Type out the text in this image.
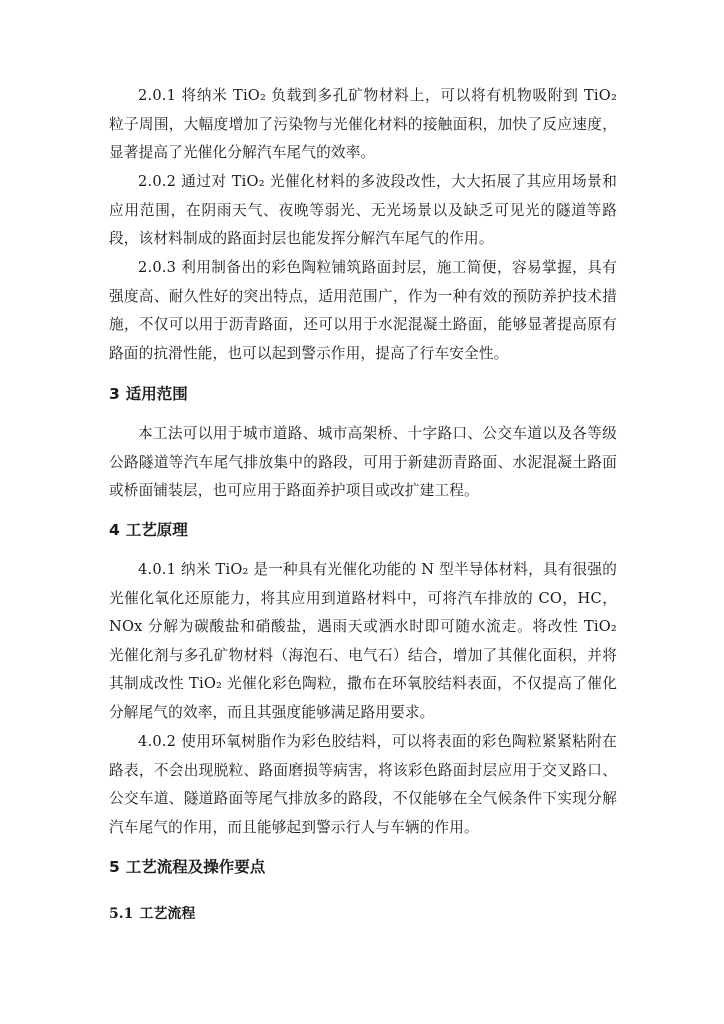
2.0.1 将纳米 TiO₂ 负载到多孔矿物材料上，可以将有机物吸附到 TiO₂ 粒子周围，大幅度增加了污染物与光催化材料的接触面积，加快了反应速度，显著提高了光催化分解汽车尾气的效率。

2.0.2 通过对 TiO₂ 光催化材料的多波段改性，大大拓展了其应用场景和应用范围，在阴雨天气、夜晚等弱光、无光场景以及缺乏可见光的隧道等路段，该材料制成的路面封层也能发挥分解汽车尾气的作用。

2.0.3 利用制备出的彩色陶粒铺筑路面封层，施工简便，容易掌握，具有强度高、耐久性好的突出特点，适用范围广，作为一种有效的预防养护技术措施，不仅可以用于沥青路面，还可以用于水泥混凝土路面，能够显著提高原有路面的抗滑性能，也可以起到警示作用，提高了行车安全性。

3 适用范围

本工法可以用于城市道路、城市高架桥、十字路口、公交车道以及各等级公路隧道等汽车尾气排放集中的路段，可用于新建沥青路面、水泥混凝土路面或桥面铺装层，也可应用于路面养护项目或改扩建工程。

4 工艺原理

4.0.1 纳米 TiO₂ 是一种具有光催化功能的 N 型半导体材料，具有很强的光催化氧化还原能力，将其应用到道路材料中，可将汽车排放的 CO，HC，NOx 分解为碳酸盐和硝酸盐，遇雨天或洒水时即可随水流走。将改性 TiO₂ 光催化剂与多孔矿物材料（海泡石、电气石）结合，增加了其催化面积，并将其制成改性 TiO₂ 光催化彩色陶粒，撒布在环氧胶结料表面，不仅提高了催化分解尾气的效率，而且其强度能够满足路用要求。

4.0.2 使用环氧树脂作为彩色胶结料，可以将表面的彩色陶粒紧紧粘附在路表，不会出现脱粒、路面磨损等病害，将该彩色路面封层应用于交叉路口、公交车道、隧道路面等尾气排放多的路段，不仅能够在全气候条件下实现分解汽车尾气的作用，而且能够起到警示行人与车辆的作用。

5 工艺流程及操作要点
5.1 工艺流程
